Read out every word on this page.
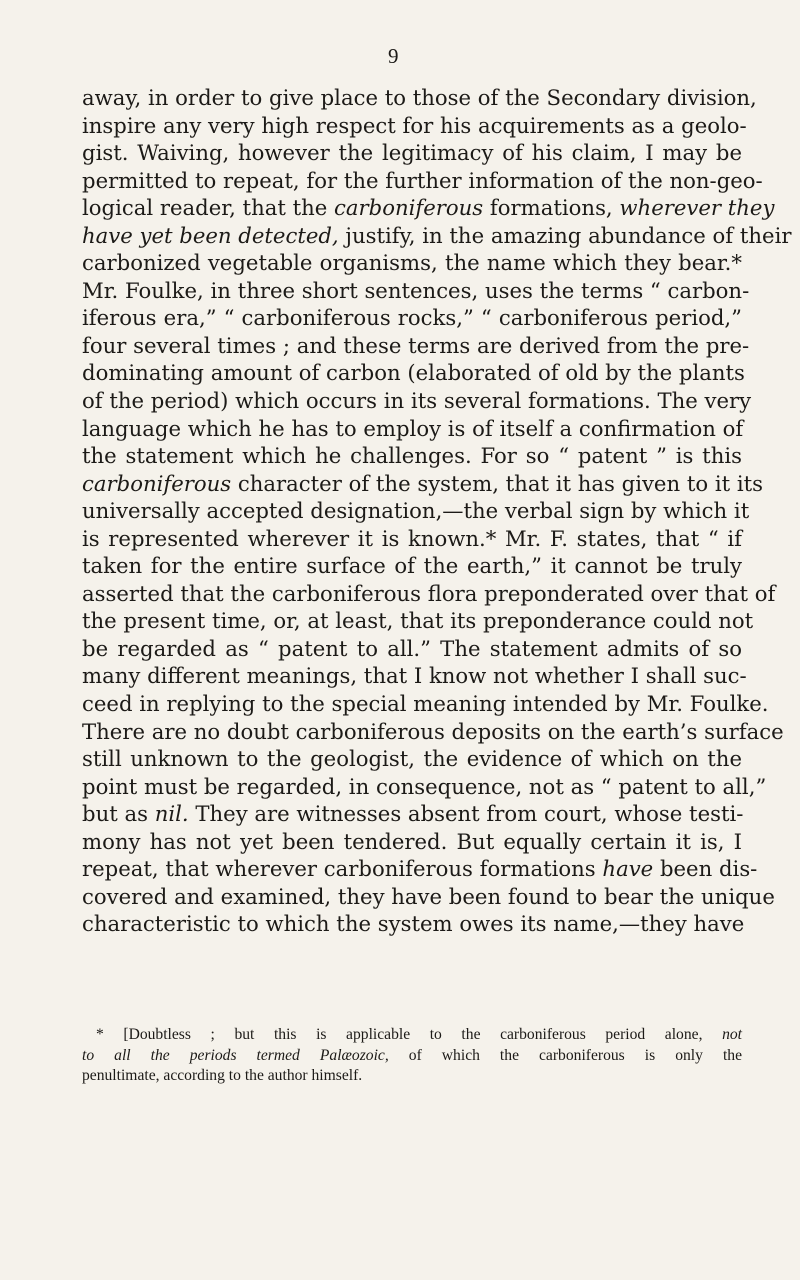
9
away, in order to give place to those of the Secondary division,
inspire any very high respect for his acquirements as a geolo-
gist. Waiving, however the legitimacy of his claim, I may be
permitted to repeat, for the further information of the non-geo-
logical reader, that the carboniferous formations, wherever they
have yet been detected, justify, in the amazing abundance of their
carbonized vegetable organisms, the name which they bear.*
Mr. Foulke, in three short sentences, uses the terms “ carbon-
iferous era,” “ carboniferous rocks,” “ carboniferous period,”
four several times ; and these terms are derived from the pre-
dominating amount of carbon (elaborated of old by the plants
of the period) which occurs in its several formations. The very
language which he has to employ is of itself a confirmation of
the statement which he challenges. For so “ patent ” is this
carboniferous character of the system, that it has given to it its
universally accepted designation,—the verbal sign by which it
is represented wherever it is known.* Mr. F. states, that “ if
taken for the entire surface of the earth,” it cannot be truly
asserted that the carboniferous flora preponderated over that of
the present time, or, at least, that its preponderance could not
be regarded as “ patent to all.” The statement admits of so
many different meanings, that I know not whether I shall suc-
ceed in replying to the special meaning intended by Mr. Foulke.
There are no doubt carboniferous deposits on the earth’s surface
still unknown to the geologist, the evidence of which on the
point must be regarded, in consequence, not as “ patent to all,”
but as nil. They are witnesses absent from court, whose testi-
mony has not yet been tendered. But equally certain it is, I
repeat, that wherever carboniferous formations have been dis-
covered and examined, they have been found to bear the unique
characteristic to which the system owes its name,—they have
* [Doubtless ; but this is applicable to the carboniferous period alone, not
to all the periods termed Palæozoic, of which the carboniferous is only the
penultimate, according to the author himself.
